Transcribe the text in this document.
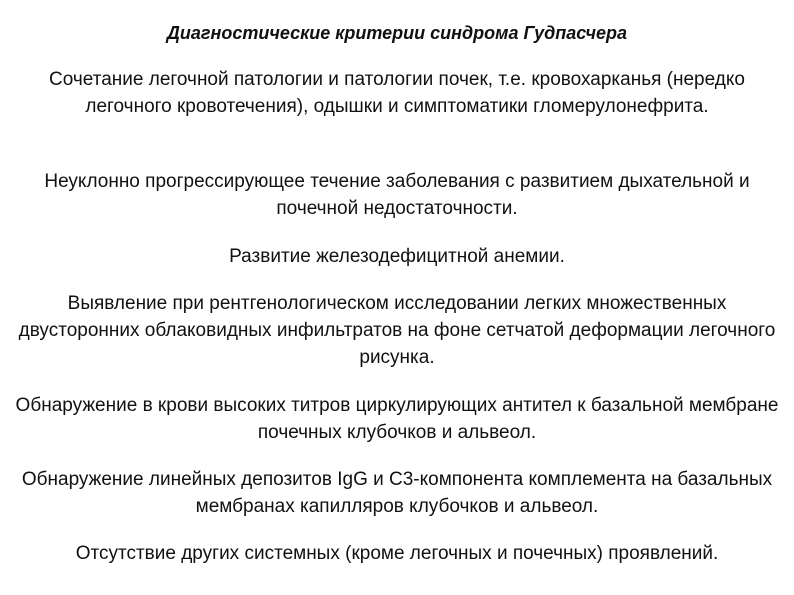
Диагностические критерии синдрома Гудпасчера
Сочетание легочной патологии и патологии почек, т.е. кровохарканья (нередко легочного кровотечения), одышки и симптоматики гломерулонефрита.
Неуклонно прогрессирующее течение заболевания с развитием дыхательной и почечной недостаточности.
Развитие железодефицитной анемии.
Выявление при рентгенологическом исследовании легких множественных двусторонних облаковидных инфильтратов на фоне сетчатой деформации легочного рисунка.
Обнаружение в крови высоких титров циркулирующих антител к базальной мембране почечных клубочков и альвеол.
Обнаружение линейных депозитов IgG и С3-компонента комплемента на базальных мембранах капилляров клубочков и альвеол.
Отсутствие других системных (кроме легочных и почечных) проявлений.
